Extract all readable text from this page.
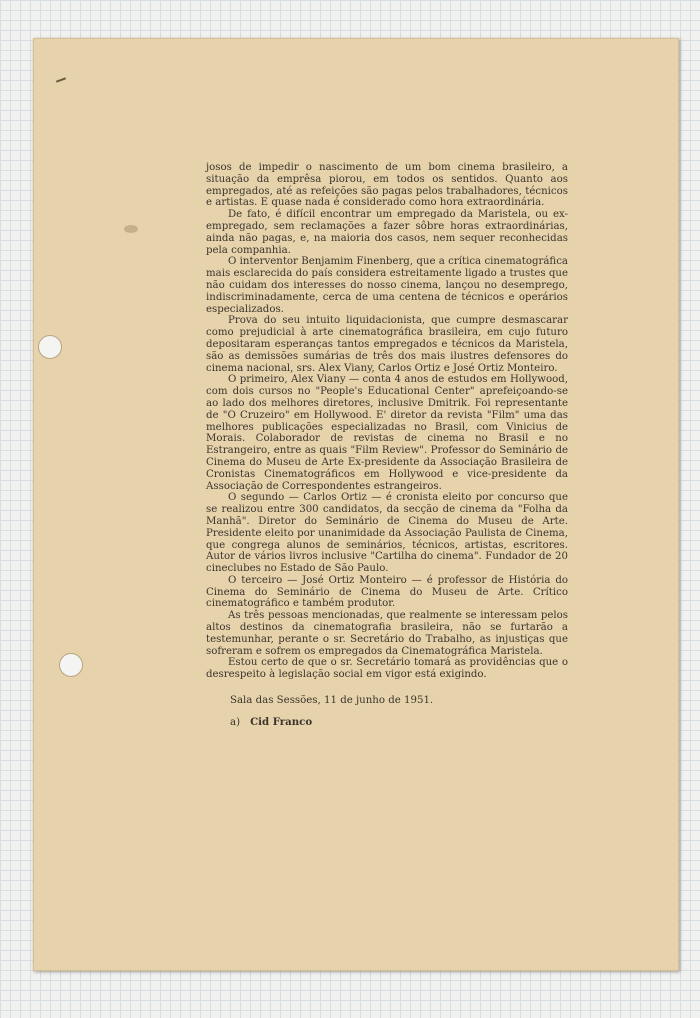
josos de impedir o nascimento de um bom cinema brasileiro, a situação da emprêsa piorou, em todos os sentidos. Quanto aos empregados, até as refeições são pagas pelos trabalhadores, técnicos e artistas. E quase nada é considerado como hora extraordinária.

De fato, é difícil encontrar um empregado da Maristela, ou ex-empregado, sem reclamações a fazer sôbre horas extraordinárias, ainda não pagas, e, na maioria dos casos, nem sequer reconhecidas pela companhia.

O interventor Benjamim Finenberg, que a crítica cinematográfica mais esclarecida do país considera estreitamente ligado a trustes que não cuidam dos interesses do nosso cinema, lançou no desemprego, indiscriminadamente, cerca de uma centena de técnicos e operários especializados.

Prova do seu intuito liquidacionista, que cumpre desmascarar como prejudicial à arte cinematográfica brasileira, em cujo futuro depositaram esperanças tantos empregados e técnicos da Maristela, são as demissões sumárias de três dos mais ilustres defensores do cinema nacional, srs. Alex Viany, Carlos Ortiz e José Ortiz Monteiro.

O primeiro, Alex Viany — conta 4 anos de estudos em Hollywood, com dois cursos no "People's Educational Center" aprefeiçoando-se ao lado dos melhores diretores, inclusive Dmitrik. Foi representante de "O Cruzeiro" em Hollywood. E' diretor da revista "Film" uma das melhores publicações especializadas no Brasil, com Vinicius de Morais. Colaborador de revistas de cinema no Brasil e no Estrangeiro, entre as quais "Film Review". Professor do Seminário de Cinema do Museu de Arte Ex-presidente da Associação Brasileira de Cronistas Cinematográficos em Hollywood e vice-presidente da Associação de Correspondentes estrangeiros.

O segundo — Carlos Ortiz — é cronista eleito por concurso que se realizou entre 300 candidatos, da secção de cinema da "Folha da Manhã". Diretor do Seminário de Cinema do Museu de Arte. Presidente eleito por unanimidade da Associação Paulista de Cinema, que congrega alunos de seminários, técnicos, artistas, escritores. Autor de vários livros inclusive "Cartilha do cinema". Fundador de 20 cineclubes no Estado de São Paulo.

O terceiro — José Ortiz Monteiro — é professor de História do Cinema do Seminário de Cinema do Museu de Arte. Crítico cinematográfico e também produtor.

As três pessoas mencionadas, que realmente se interessam pelos altos destinos da cinematografia brasileira, não se furtarão a testemunhar, perante o sr. Secretário do Trabalho, as injustiças que sofreram e sofrem os empregados da Cinematográfica Maristela.

Estou certo de que o sr. Secretário tomará as providências que o desrespeito à legislação social em vigor está exigindo.

Sala das Sessões, 11 de junho de 1951.

a) Cid Franco
